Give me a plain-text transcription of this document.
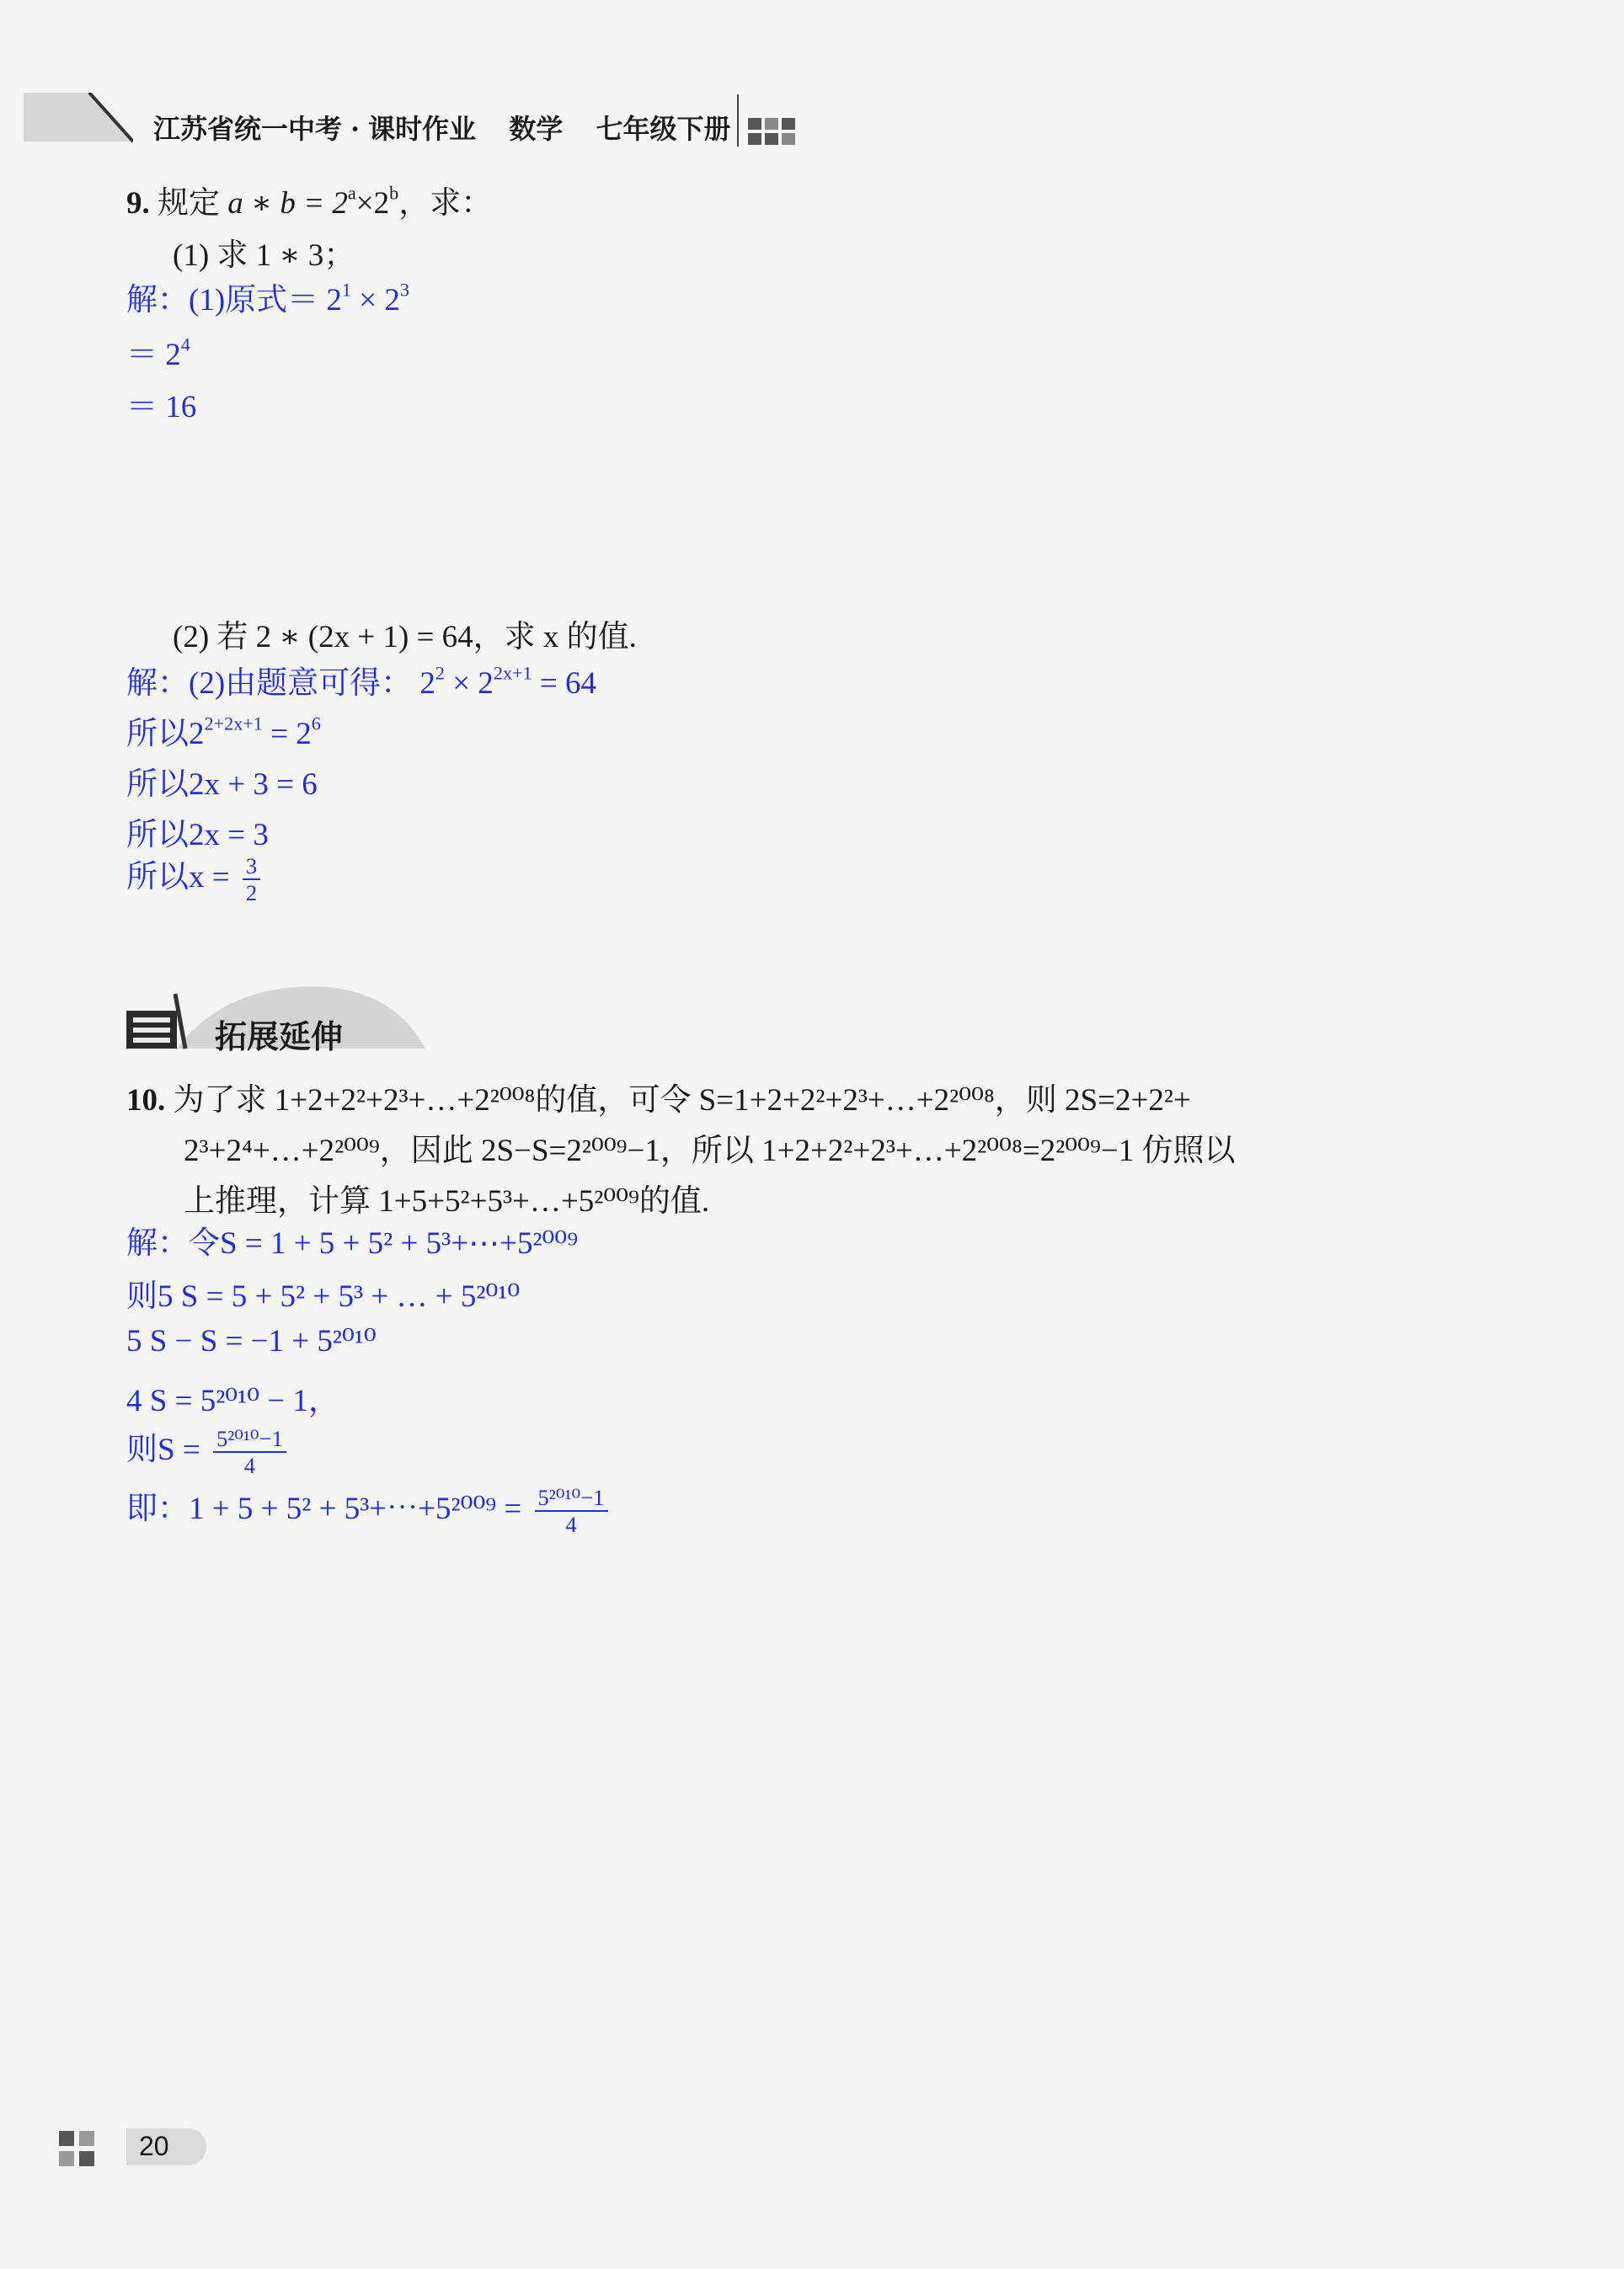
江苏省统一中考 · 课时作业 数学 七年级下册
9. 规定 a ∗ $b = 2^a\times 2^b$，求：
(1) 求 1 ∗ 3；
解：(1)原式＝ $2^1 \times 2^3$
＝ $2^4$
＝ 16
(2) 若 2 ∗ (2x + 1) = 64，求 x 的值.
解：(2)由题意可得： $2^2 \times 2^{2x+1} = 64$
所以$2^{2+2x+1} = 2^6$
所以2x + 3 = 6
所以2x = 3
所以$x = \frac{3}{2}$
拓展延伸
10. 为了求 1+2+2²+2³+…+2²⁰⁰⁸的值，可令 S=1+2+2²+2³+…+2²⁰⁰⁸，则 2S=2+2²+
2³+2⁴+…+2²⁰⁰⁹，因此 2S−S=2²⁰⁰⁹−1，所以 1+2+2²+2³+…+2²⁰⁰⁸=2²⁰⁰⁹−1 仿照以
上推理，计算 1+5+5²+5³+…+5²⁰⁰⁹的值.
解：令S = 1 + 5 + 5² + 5³+⋯+5²⁰⁰⁹
则5 S = 5 + 5² + 5³ + … + 5²⁰¹⁰
5 S − S = −1 + 5²⁰¹⁰
4 S = 5²⁰¹⁰ − 1，
则$S = \frac{\text{5²⁰¹⁰−1}}{4}$
即：1 + 5 + 5² + 5³+⋯+5²⁰⁰⁹ = $\frac{\text{5²⁰¹⁰−1}}{4}$
20
